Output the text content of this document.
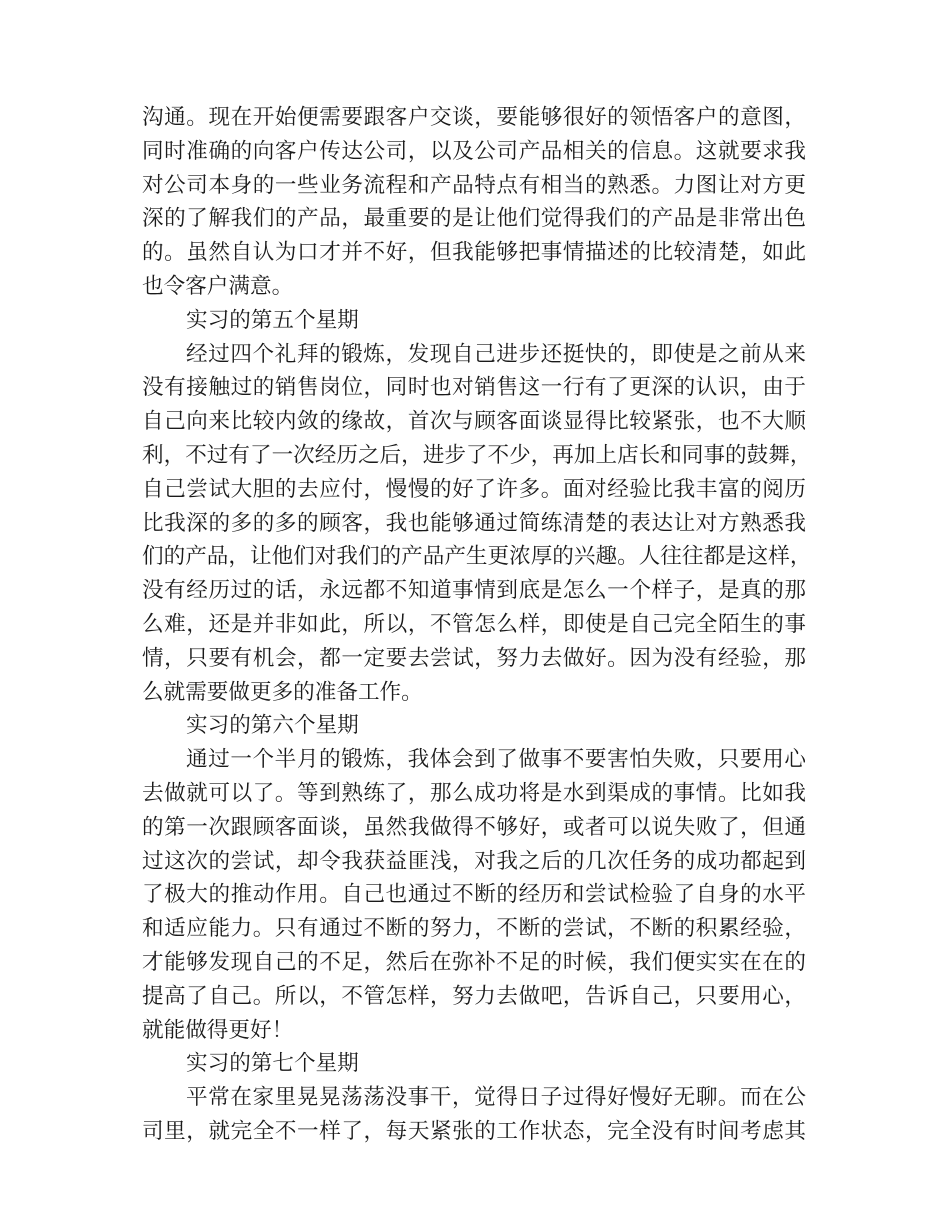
沟通。现在开始便需要跟客户交谈，要能够很好的领悟客户的意图，
同时准确的向客户传达公司，以及公司产品相关的信息。这就要求我
对公司本身的一些业务流程和产品特点有相当的熟悉。力图让对方更
深的了解我们的产品，最重要的是让他们觉得我们的产品是非常出色
的。虽然自认为口才并不好，但我能够把事情描述的比较清楚，如此
也令客户满意。
实习的第五个星期
经过四个礼拜的锻炼，发现自己进步还挺快的，即使是之前从来
没有接触过的销售岗位，同时也对销售这一行有了更深的认识，由于
自己向来比较内敛的缘故，首次与顾客面谈显得比较紧张，也不大顺
利，不过有了一次经历之后，进步了不少，再加上店长和同事的鼓舞，
自己尝试大胆的去应付，慢慢的好了许多。面对经验比我丰富的阅历
比我深的多的多的顾客，我也能够通过简练清楚的表达让对方熟悉我
们的产品，让他们对我们的产品产生更浓厚的兴趣。人往往都是这样，
没有经历过的话，永远都不知道事情到底是怎么一个样子，是真的那
么难，还是并非如此，所以，不管怎么样，即使是自己完全陌生的事
情，只要有机会，都一定要去尝试，努力去做好。因为没有经验，那
么就需要做更多的准备工作。
实习的第六个星期
通过一个半月的锻炼，我体会到了做事不要害怕失败，只要用心
去做就可以了。等到熟练了，那么成功将是水到渠成的事情。比如我
的第一次跟顾客面谈，虽然我做得不够好，或者可以说失败了，但通
过这次的尝试，却令我获益匪浅，对我之后的几次任务的成功都起到
了极大的推动作用。自己也通过不断的经历和尝试检验了自身的水平
和适应能力。只有通过不断的努力，不断的尝试，不断的积累经验，
才能够发现自己的不足，然后在弥补不足的时候，我们便实实在在的
提高了自己。所以，不管怎样，努力去做吧，告诉自己，只要用心，
就能做得更好！
实习的第七个星期
平常在家里晃晃荡荡没事干，觉得日子过得好慢好无聊。而在公
司里，就完全不一样了，每天紧张的工作状态，完全没有时间考虑其
